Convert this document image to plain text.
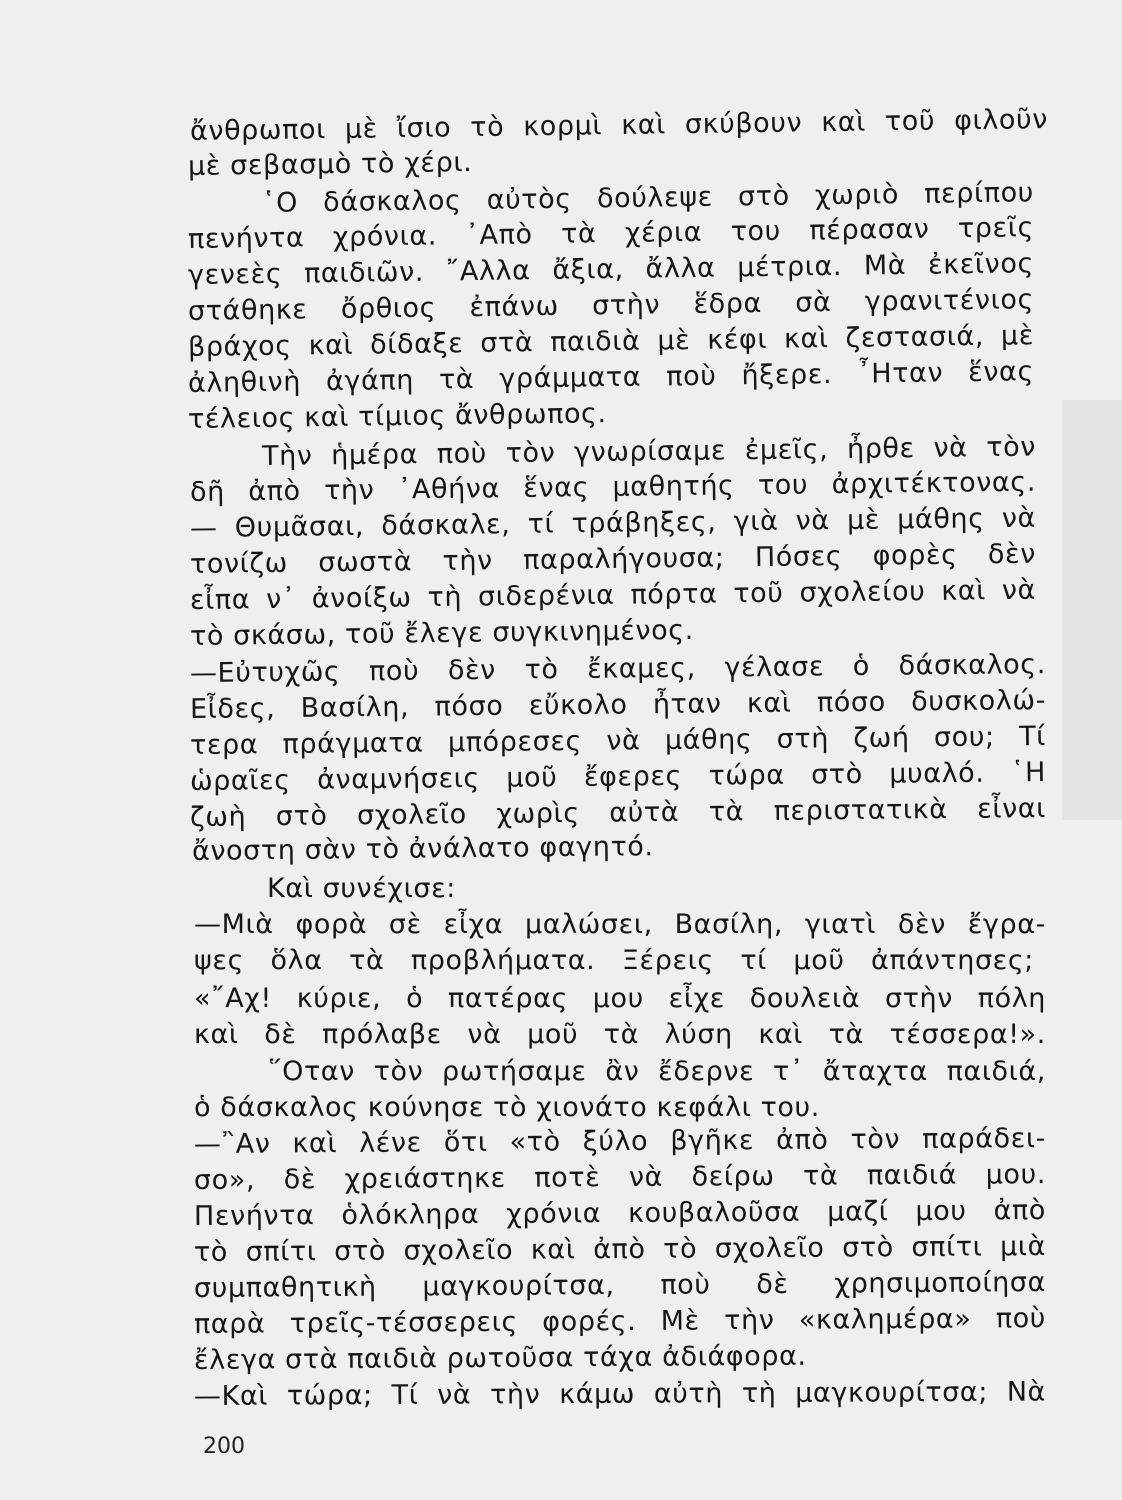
ἄνθρωποι μὲ ἴσιο τὸ κορμὶ καὶ σκύβουν καὶ τοῦ φιλοῦν
μὲ σεβασμὸ τὸ χέρι.
῾Ο δάσκαλος αὐτὸς δούλεψε στὸ χωριὸ περίπου
πενήντα χρόνια. ᾿Απὸ τὰ χέρια του πέρασαν τρεῖς
γενεὲς παιδιῶν. ῎Αλλα ἄξια, ἄλλα μέτρια. Μὰ ἐκεῖνος
στάθηκε ὄρθιος ἐπάνω στὴν ἕδρα σὰ γρανιτένιος
βράχος καὶ δίδαξε στὰ παιδιὰ μὲ κέφι καὶ ζεστασιά, μὲ
ἀληθινὴ ἀγάπη τὰ γράμματα ποὺ ἤξερε. ῏Ηταν ἕνας
τέλειος καὶ τίμιος ἄνθρωπος.
Τὴν ἡμέρα ποὺ τὸν γνωρίσαμε ἐμεῖς, ἦρθε νὰ τὸν
δῆ ἀπὸ τὴν ᾿Αθήνα ἕνας μαθητής του ἀρχιτέκτονας.
— Θυμᾶσαι, δάσκαλε, τί τράβηξες, γιὰ νὰ μὲ μάθης νὰ
τονίζω σωστὰ τὴν παραλήγουσα; Πόσες φορὲς δὲν
εἶπα ν᾿ ἀνοίξω τὴ σιδερένια πόρτα τοῦ σχολείου καὶ νὰ
τὸ σκάσω, τοῦ ἔλεγε συγκινημένος.
—Εὐτυχῶς ποὺ δὲν τὸ ἔκαμες, γέλασε ὁ δάσκαλος.
Εἶδες, Βασίλη, πόσο εὔκολο ἦταν καὶ πόσο δυσκολώ-
τερα πράγματα μπόρεσες νὰ μάθης στὴ ζωή σου; Τί
ὡραῖες ἀναμνήσεις μοῦ ἔφερες τώρα στὸ μυαλό. ῾Η
ζωὴ στὸ σχολεῖο χωρὶς αὐτὰ τὰ περιστατικὰ εἶναι
ἄνοστη σὰν τὸ ἀνάλατο φαγητό.
Καὶ συνέχισε:
—Μιὰ φορὰ σὲ εἶχα μαλώσει, Βασίλη, γιατὶ δὲν ἔγρα-
ψες ὅλα τὰ προβλήματα. Ξέρεις τί μοῦ ἀπάντησες;
«῎Αχ! κύριε, ὁ πατέρας μου εἶχε δουλειὰ στὴν πόλη
καὶ δὲ πρόλαβε νὰ μοῦ τὰ λύση καὶ τὰ τέσσερα!».
῞Οταν τὸν ρωτήσαμε ἂν ἔδερνε τ᾿ ἄταχτα παιδιά,
ὁ δάσκαλος κούνησε τὸ χιονάτο κεφάλι του.
—῍Αν καὶ λένε ὅτι «τὸ ξύλο βγῆκε ἀπὸ τὸν παράδει-
σο», δὲ χρειάστηκε ποτὲ νὰ δείρω τὰ παιδιά μου.
Πενήντα ὁλόκληρα χρόνια κουβαλοῦσα μαζί μου ἀπὸ
τὸ σπίτι στὸ σχολεῖο καὶ ἀπὸ τὸ σχολεῖο στὸ σπίτι μιὰ
συμπαθητικὴ μαγκουρίτσα, ποὺ δὲ χρησιμοποίησα
παρὰ τρεῖς-τέσσερεις φορές. Μὲ τὴν «καλημέρα» ποὺ
ἔλεγα στὰ παιδιὰ ρωτοῦσα τάχα ἀδιάφορα.
—Καὶ τώρα; Τί νὰ τὴν κάμω αὐτὴ τὴ μαγκουρίτσα; Νὰ
200
